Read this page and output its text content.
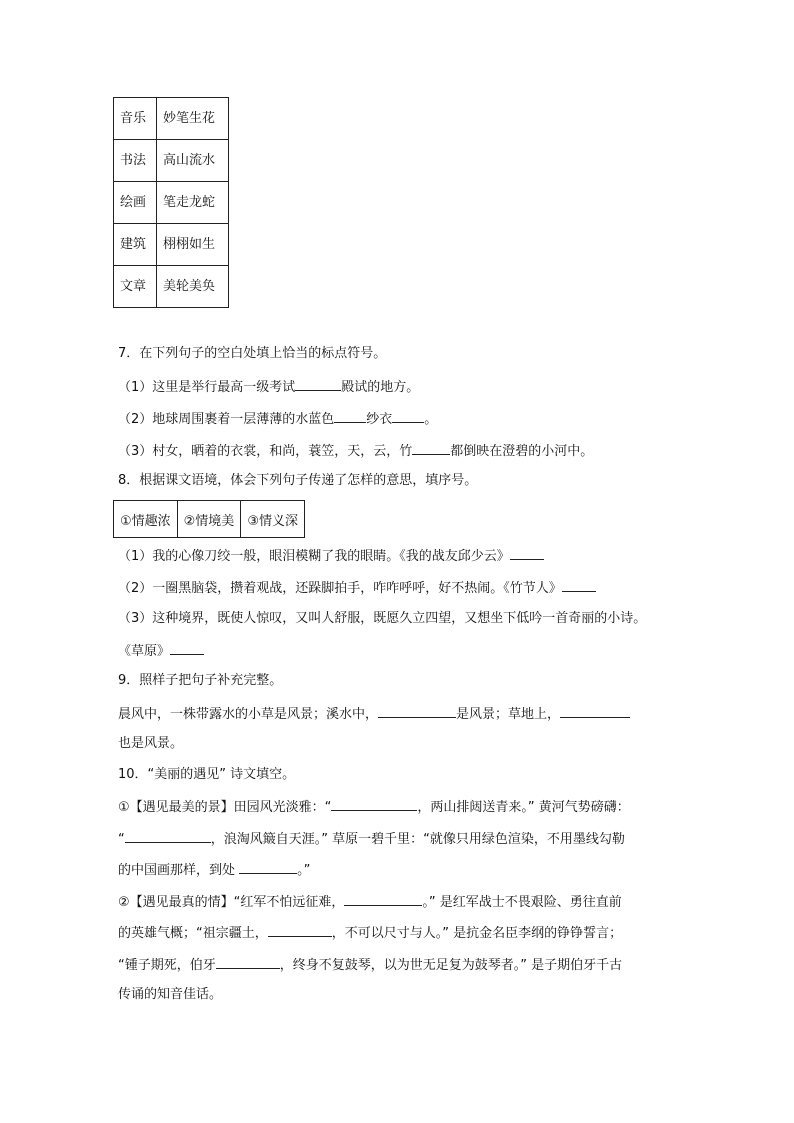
音乐	妙笔生花
书法	高山流水
绘画	笔走龙蛇
建筑	栩栩如生
文章	美轮美奂
7．在下列句子的空白处填上恰当的标点符号。
（1）这里是举行最高一级考试	殿试的地方。
（2）地球周围裹着一层薄薄的水蓝色 纱衣 。
（3）村女，晒着的衣裳，和尚，蓑笠，天，云，竹	都倒映在澄碧的小河中。
8．根据课文语境，体会下列句子传递了怎样的意思，填序号。
①情趣浓	②情境美	③情义深
（1）我的心像刀绞一般，眼泪模糊了我的眼睛。《我的战友邱少云》
（2）一圈黑脑袋，攒着观战，还跺脚拍手，咋咋呼呼，好不热闹。《竹节人》
（3）这种境界，既使人惊叹，又叫人舒服，既愿久立四望，又想坐下低吟一首奇丽的小诗。
《草原》
9．照样子把句子补充完整。
晨风中，一株带露水的小草是风景；溪水中，	是风景；草地上，
也是风景。
10．“美丽的遇见” 诗文填空。
①【遇见最美的景】田园风光淡雅：“	，两山排闼送青来。” 黄河气势磅礴：
“	，浪淘风簸自天涯。” 草原一碧千里：“就像只用绿色渲染，不用墨线勾勒
的中国画那样，到处	。”
②【遇见最真的情】“红军不怕远征难，	。” 是红军战士不畏艰险、勇往直前
的英雄气概；“祖宗疆土，	，不可以尺寸与人。” 是抗金名臣李纲的铮铮誓言；
“锺子期死，伯牙	，终身不复鼓琴，以为世无足复为鼓琴者。” 是子期伯牙千古
传诵的知音佳话。
